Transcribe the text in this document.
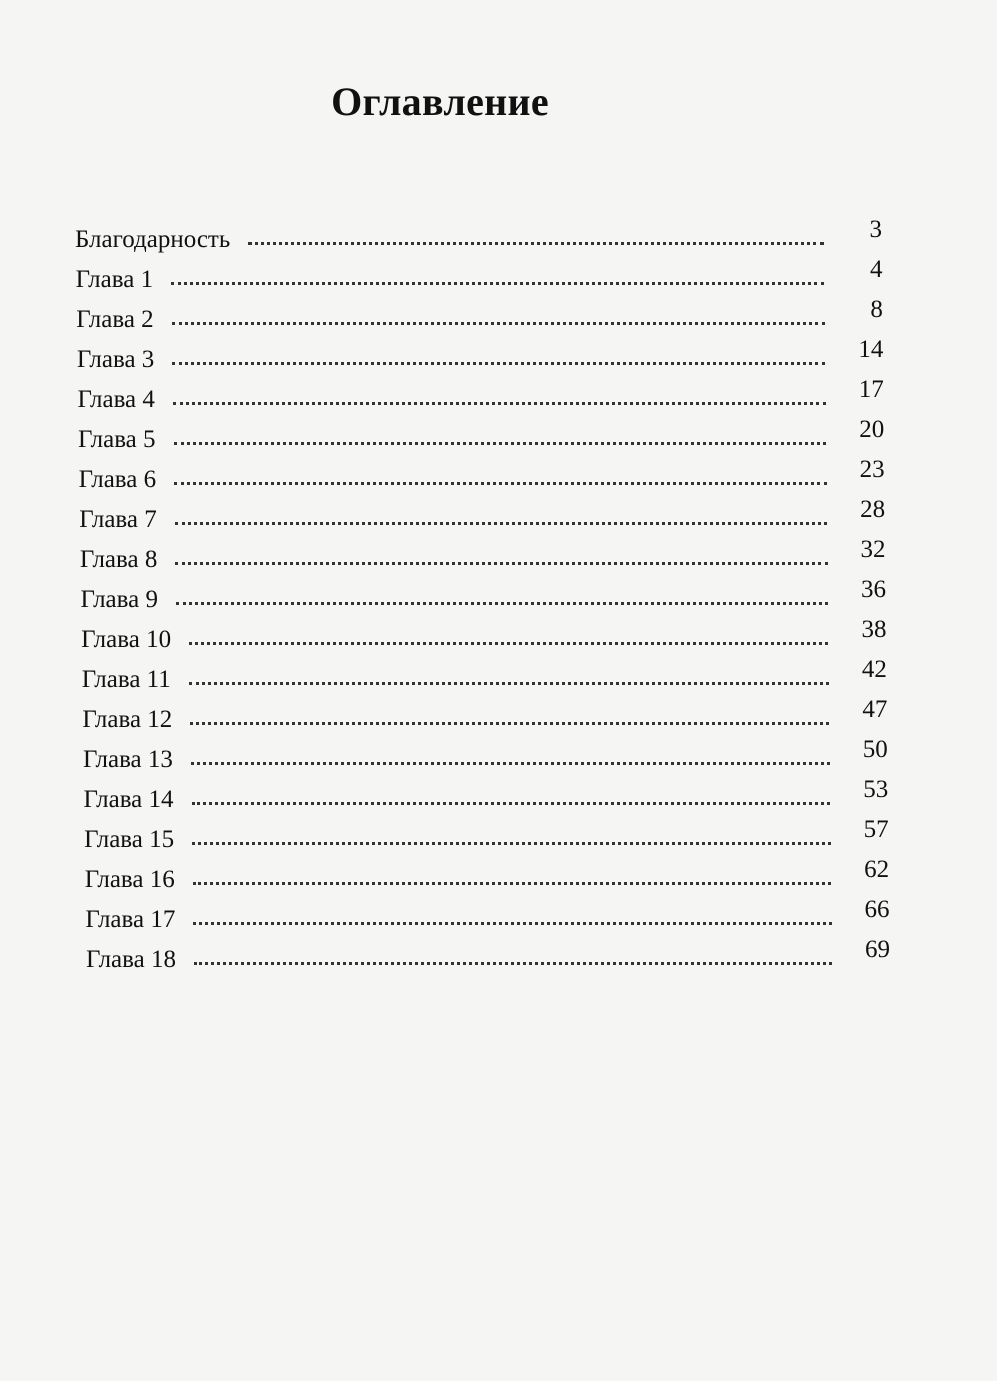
Оглавление
Благодарность	3
Глава 1	4
Глава 2	8
Глава 3	14
Глава 4	17
Глава 5	20
Глава 6	23
Глава 7	28
Глава 8	32
Глава 9	36
Глава 10	38
Глава 11	42
Глава 12	47
Глава 13	50
Глава 14	53
Глава 15	57
Глава 16	62
Глава 17	66
Глава 18	69
